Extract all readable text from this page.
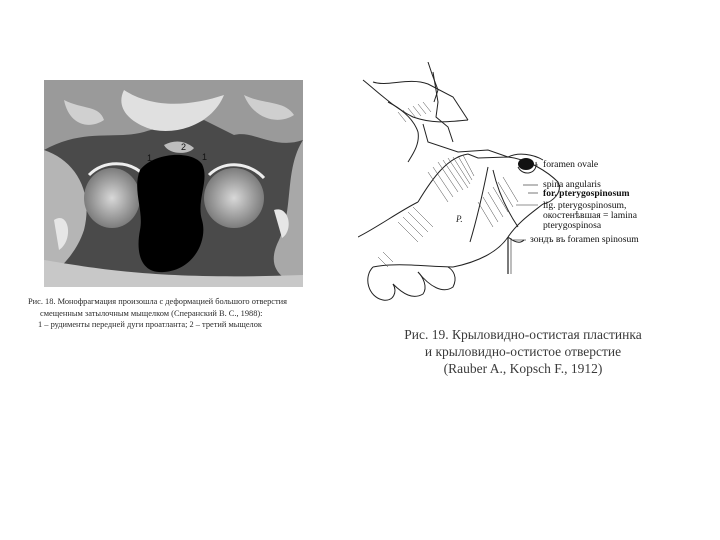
1
2
1
Рис. 18. Монофрагмация произошла с деформацией большого отверстия
смещенным затылочным мыщелком (Сперанский В. С., 1988):
1 – рудименты передней дуги проатланта; 2 – третий мыщелок
P.
foramen ovale
spina angularis
for. pterygospinosum
lig. pterygospinosum,
окостенѣвшая = lamina
pterygospinosa
зондъ въ foramen spinosum
Рис. 19. Крыловидно-остистая пластинка
и крыловидно-остистое отверстие
(Rauber A., Kopsch F., 1912)
